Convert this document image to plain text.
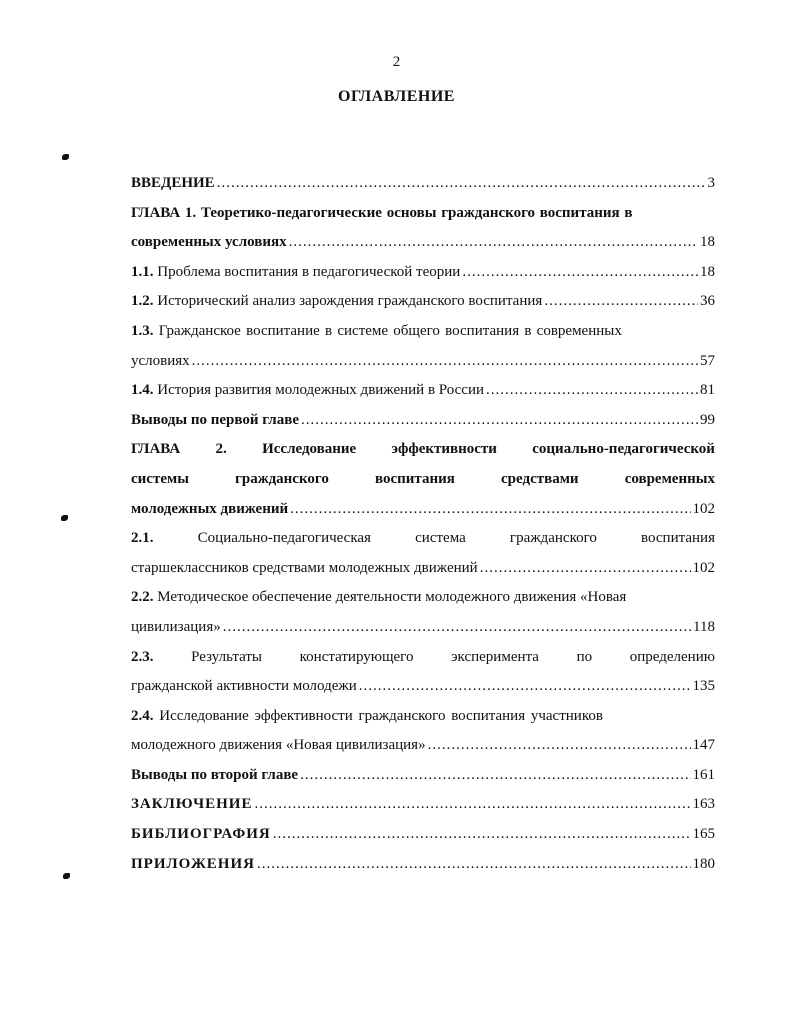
2
ОГЛАВЛЕНИЕ
ВВЕДЕНИЕ .....	3
ГЛАВА 1. Теоретико-педагогические основы гражданского воспитания в
современных условиях .....	18
1.1. Проблема воспитания в педагогической теории .....	18
1.2. Исторический анализ зарождения гражданского воспитания .....	36
1.3. Гражданское воспитание в системе общего воспитания в современных
условиях .....	57
1.4. История развития молодежных движений в России .....	81
Выводы по первой главе .....	99
ГЛАВА 2. Исследование эффективности социально-педагогической
системы	гражданского	воспитания	средствами	современных
молодежных движений .....	102
2.1.	Социально-педагогическая	система	гражданского	воспитания
старшеклассников средствами молодежных движений .....	102
2.2. Методическое обеспечение деятельности молодежного движения «Новая
цивилизация» .....	118
2.3.	Результаты	констатирующего	эксперимента	по	определению
гражданской активности молодежи .....	135
2.4. Исследование эффективности гражданского воспитания участников
молодежного движения «Новая цивилизация» .....	147
Выводы по второй главе .....	161
ЗАКЛЮЧЕНИЕ .....	163
БИБЛИОГРАФИЯ .....	165
ПРИЛОЖЕНИЯ .....	180
